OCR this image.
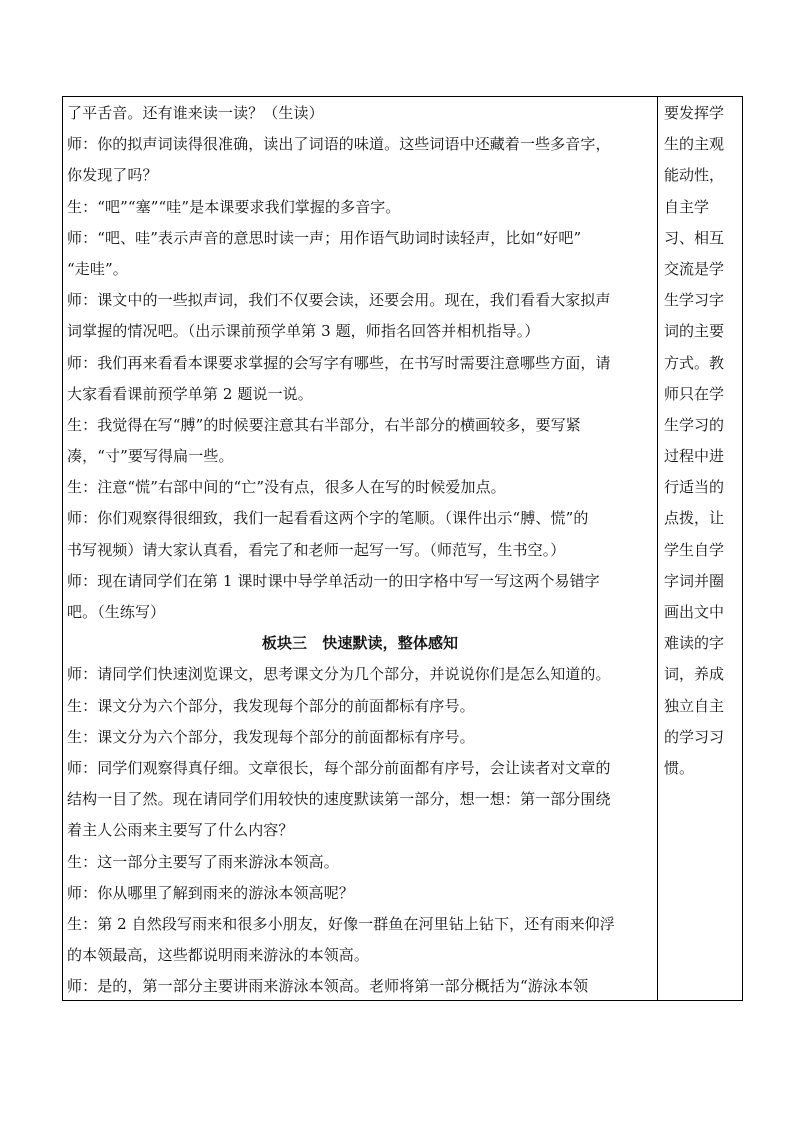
了平舌音。还有谁来读一读？（生读）
师：你的拟声词读得很准确，读出了词语的味道。这些词语中还藏着一些多音字，
你发现了吗？
生：“吧”“塞”“哇”是本课要求我们掌握的多音字。
师：“吧、哇”表示声音的意思时读一声；用作语气助词时读轻声，比如“好吧”
“走哇”。
师：课文中的一些拟声词，我们不仅要会读，还要会用。现在，我们看看大家拟声
词掌握的情况吧。（出示课前预学单第 3 题，师指名回答并相机指导。）
师：我们再来看看本课要求掌握的会写字有哪些，在书写时需要注意哪些方面，请
大家看看课前预学单第 2 题说一说。
生：我觉得在写“膊”的时候要注意其右半部分，右半部分的横画较多，要写紧
凑，“寸”要写得扁一些。
生：注意“慌”右部中间的“亡”没有点，很多人在写的时候爱加点。
师：你们观察得很细致，我们一起看看这两个字的笔顺。（课件出示“膊、慌”的
书写视频）请大家认真看，看完了和老师一起写一写。（师范写，生书空。）
师：现在请同学们在第 1 课时课中导学单活动一的田字格中写一写这两个易错字
吧。（生练写）
板块三　快速默读，整体感知
师：请同学们快速浏览课文，思考课文分为几个部分，并说说你们是怎么知道的。
生：课文分为六个部分，我发现每个部分的前面都标有序号。
生：课文分为六个部分，我发现每个部分的前面都标有序号。
师：同学们观察得真仔细。文章很长，每个部分前面都有序号，会让读者对文章的
结构一目了然。现在请同学们用较快的速度默读第一部分，想一想：第一部分围绕
着主人公雨来主要写了什么内容？
生：这一部分主要写了雨来游泳本领高。
师：你从哪里了解到雨来的游泳本领高呢？
生：第 2 自然段写雨来和很多小朋友，好像一群鱼在河里钻上钻下，还有雨来仰浮
的本领最高，这些都说明雨来游泳的本领高。
师：是的，第一部分主要讲雨来游泳本领高。老师将第一部分概括为“游泳本领
要发挥学
生的主观
能动性，
自主学
习、相互
交流是学
生学习字
词的主要
方式。教
师只在学
生学习的
过程中进
行适当的
点拨，让
学生自学
字词并圈
画出文中
难读的字
词，养成
独立自主
的学习习
惯。
